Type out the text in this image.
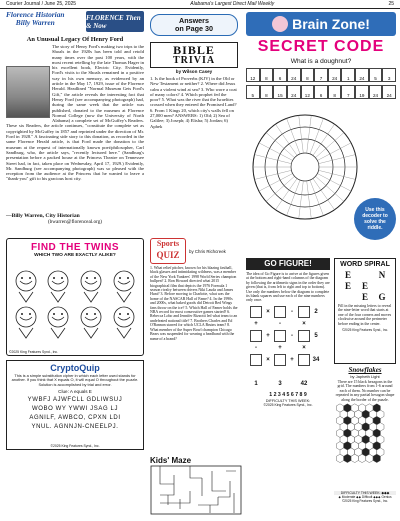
Courier Journal / June 25, 2025	Alabama's Largest Direct Mail Weekly	25
Florence Historian
Billy Warren
FLORENCE Then & Now
An Unusual Legacy Of Henry Ford
The story of Henry Ford's making two trips to the Shoals in the 1920s has been told and retold many times over the past 100 years, with the most recent retelling by the late Thomas Hager in his excellent book, Electric City. Evidently, Ford's visits to the Shoals remained in a positive way in his own memory, as evidenced by an article in the May 17, 1929, issue of the Florence Herald. Headlined "Normal Museum Gets Ford's Gift," the article reveals the interesting fact that Henry Ford (see accompanying photograph) had, during the same week that the article was published, donated to the museum at Florence Normal College (now the University of North Alabama) a complete set of McGuffey's Readers. These six Readers, the article continues, "constitute the complete set as copyrighted by McGuffey in 1857 and reprinted under the direction of Mr. Ford in 1928." A fascinating side story to this donation, as recorded in the same Florence Herald article, is that Ford made the donation to the museum at the request of internationally known poet/philosopher, Carl Sandburg, who, the article says, "recently lectured here." (Sandburg's presentation before a packed house at the Princess Theatre on Tennessee Street had, in fact, taken place on Wednesday, April 17, 1929.) Evidently, Mr. Sandburg (see accompanying photograph) was so pleased with the reception from the audience at the Princess that he wanted to leave a "thank-you" gift to his gracious host city.
—Billy Warren, City Historian
(bwarren@florenceal.org)
FIND THE TWINS
WHICH TWO ARE EXACTLY ALIKE?
©2025 King Features Synd., Inc.
CryptoQuip
This is a simple substitution cipher in which each letter used stands for another. If you think that X equals O, it will equal O throughout the puzzle. Solution is accomplished by trial and error.
Clue: A equals E
YWBFJ AJWFCLL GDLIWSUJ
WOBO WY YWWI JSAG LJ
AGNILF, AWBCO, CPXN LDI
YNUL. AGNNJN-CNEELPJ.
©2025 King Features Synd., Inc.
Answers
on Page 30
BIBLE
TRIVIA
by Wilson Casey
1. Is the book of Proverbs (KJV) in the Old or New Testament or neither? 2. Where did Jesus calm a violent wind at sea? 3. Who wore a coat of many colors? 4. Which prophet fed the poor? 5. What was the river that the Israelites crossed when they entered the Promised Land? 6. From 1 Kings 20, which city's walls fell on 27,000 men? ANSWERS: 1) Old; 2) Sea of Galilee; 3) Joseph; 4) Elisha; 5) Jordan; 6) Aphek
Sports
QUIZ	by Chris Richcreek
1. What relief pitcher, known for his blazing fastball, black glasses and intimidating wildness, was a member of the New York Yankees' 1998 World Series champion bullpen? 2. Ron Howard directed what 2015 biographical film that depicts the 1976 Formula 1 season rivalry between drivers Niki Lauda and James Hunt? 3. Before moving to Charlotte, what was the home of the NASCAR Hall of Fame? 4. In the 1990s and 2000s, what baked goods did Detroit Red Wings fans throw on the ice? 5. Which Hall of Famer holds the NBA record for most consecutive games started? 6. Rebecca Lobo and Jennifer Rizzotti led what team to an undefeated national title? 7. Brothers Charles and Ed O'Bannon starred for which UCLA Bruins team? 8. What member of the Super Bowl champion Chicago Bears was suspended for wearing a headband with the name of a brand?
Kids' Maze
Brain Zone!
SECRET CODE
What is a doughnut?
12	8	6	24	8	7	24	1	24	5	3
5	8	15	24	12	6	8	7	19	24	24
Use this decoder to solve the riddle.
GO FIGURE!
The idea of Go Figure is to arrive at the figures given at the bottom and right-hand columns of the diagram by following the arithmetic signs in the order they are given (that is, from left to right and top to bottom). Use only the numbers below the diagram to complete its blank squares and use each of the nine numbers only once.
×	-	2
+	-	×
+	-	5
-	+	×
×	+	34
1	3	42
1 2 3 4 5 6 7 8 9
DIFFICULTY THIS WEEK:
©2025 King Features Synd., Inc.
WORD SPIRAL
E	N
E	E
E	G
Fill in the missing letters to reveal the nine-letter word that starts at one of the four corners and moves clockwise around the perimeter before ending in the center.
©2025 King Features Synd., Inc.
Snowflakes
by Japheth Light
There are 15 black hexagons in the grid. The numbers from 1-6 around each of them. No number can be repeated in any partial hexagon shape along the border of the puzzle.
DIFFICULTY THIS WEEK: ◆◆◆
◆ Moderate ◆◆ Difficult ◆◆◆ Genius
©2025 King Features Synd., Inc.
